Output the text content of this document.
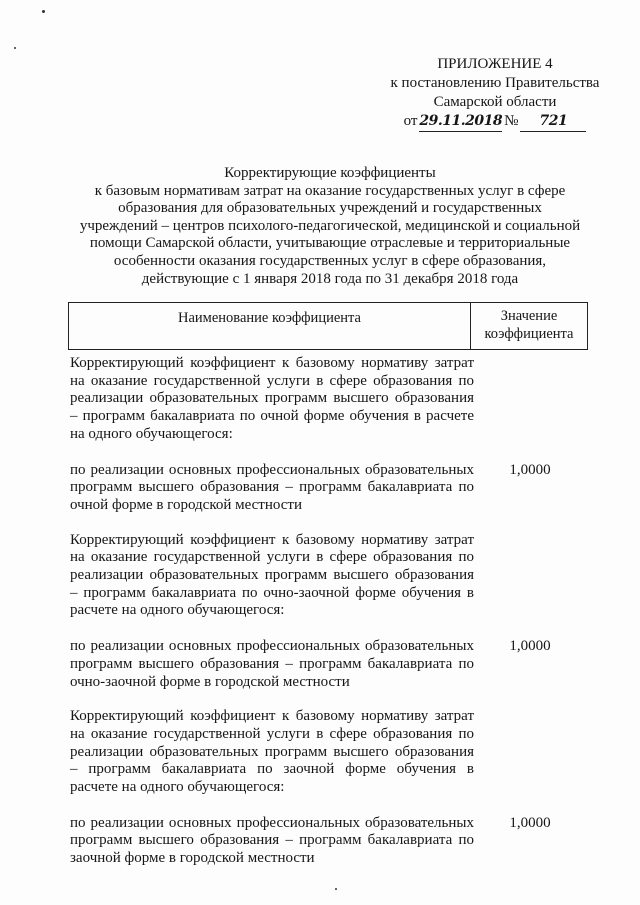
ПРИЛОЖЕНИЕ 4
к постановлению Правительства
Самарской области
от 29.11.2018 №	721
Корректирующие коэффициенты
к базовым нормативам затрат на оказание государственных услуг в сфере
образования для образовательных учреждений и государственных
учреждений – центров психолого-педагогической, медицинской и социальной
помощи Самарской области, учитывающие отраслевые и территориальные
особенности оказания государственных услуг в сфере образования,
действующие с 1 января 2018 года по 31 декабря 2018 года
Наименование коэффициента	Значение
коэффициента
Корректирующий коэффициент к базовому нормативу затрат на оказание государственной услуги в сфере образования по реализации образовательных программ высшего образования – программ бакалавриата по очной форме обучения в расчете на одного обучающегося:
по реализации основных профессиональных образовательных программ высшего образования – программ бакалавриата по очной форме в городской местности
1,0000
Корректирующий коэффициент к базовому нормативу затрат на оказание государственной услуги в сфере образования по реализации образовательных программ высшего образования – программ бакалавриата по очно-заочной форме обучения в расчете на одного обучающегося:
по реализации основных профессиональных образовательных программ высшего образования – программ бакалавриата по очно-заочной форме в городской местности
1,0000
Корректирующий коэффициент к базовому нормативу затрат на оказание государственной услуги в сфере образования по реализации образовательных программ высшего образования – программ бакалавриата по заочной форме обучения в расчете на одного обучающегося:
по реализации основных профессиональных образовательных программ высшего образования – программ бакалавриата по заочной форме в городской местности
1,0000
